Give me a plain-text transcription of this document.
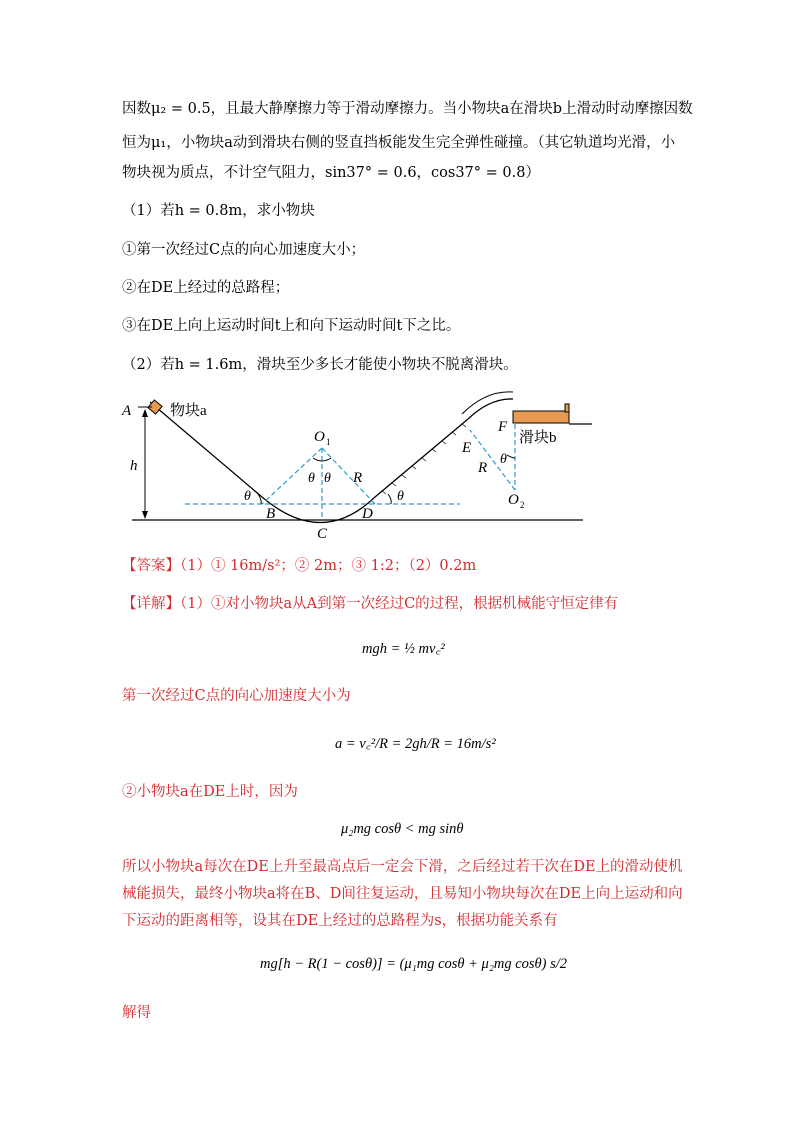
因数μ₂ = 0.5，且最大静摩擦力等于滑动摩擦力。当小物块a在滑块b上滑动时动摩擦因数
恒为μ₁，小物块a动到滑块右侧的竖直挡板能发生完全弹性碰撞。（其它轨道均光滑，小
物块视为质点，不计空气阻力，sin37° = 0.6，cos37° = 0.8）
（1）若h = 0.8m，求小物块
①第一次经过C点的向心加速度大小；
②在DE上经过的总路程；
③在DE上向上运动时间t上和向下运动时间t下之比。
（2）若h = 1.6m，滑块至少多长才能使小物块不脱离滑块。
A	物块a
h
O 1
θ θ R
θ	θ
B
C
D
E
F
滑块b
R
θ
O 2
【答案】（1）① 16m/s²；② 2m；③ 1:2；（2）0.2m
【详解】（1）①对小物块a从A到第一次经过C的过程，根据机械能守恒定律有
mgh = ½ mv꜀²
第一次经过C点的向心加速度大小为
a = v꜀²/R = 2gh/R = 16m/s²
②小物块a在DE上时，因为
μ₂mg cosθ < mg sinθ
所以小物块a每次在DE上升至最高点后一定会下滑，之后经过若干次在DE上的滑动使机
械能损失，最终小物块a将在B、D间往复运动，且易知小物块每次在DE上向上运动和向
下运动的距离相等，设其在DE上经过的总路程为s，根据功能关系有
mg[h − R(1 − cosθ)] = (μ₁mg cosθ + μ₂mg cosθ) s/2
解得
